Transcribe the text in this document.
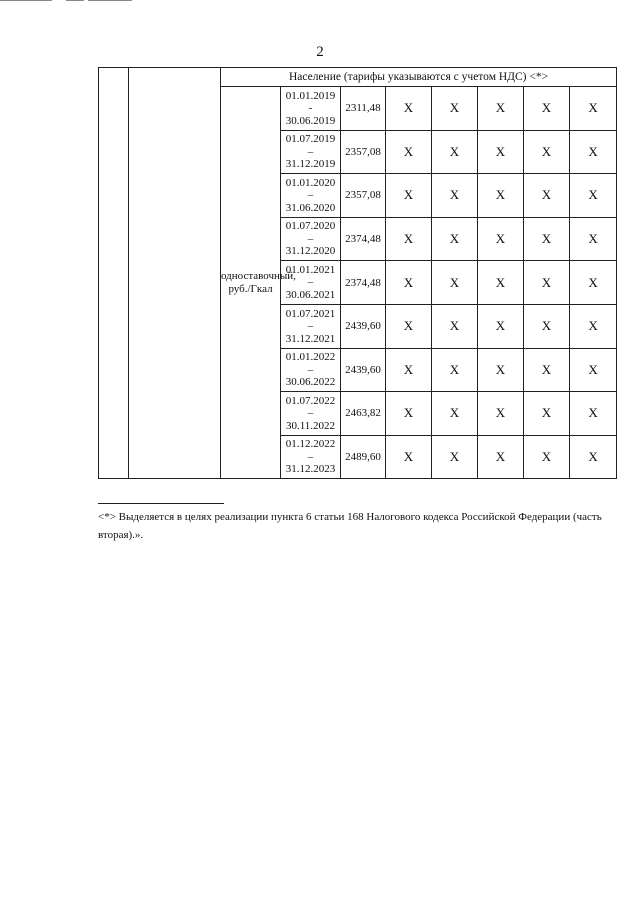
2
		Население (тарифы указываются с учетом НДС) <*>							
		одноставочный, руб./Гкал	01.01.2019
-
30.06.2019	2311,48	X	X	X	X	X

			01.07.2019
–
31.12.2019	2357,08	X	X	X	X	X

			01.01.2020
–
31.06.2020	2357,08	X	X	X	X	X

			01.07.2020
–
31.12.2020	2374,48	X	X	X	X	X

			01.01.2021
–
30.06.2021	2374,48	X	X	X	X	X

			01.07.2021
–
31.12.2021	2439,60	X	X	X	X	X

			01.01.2022
–
30.06.2022	2439,60	X	X	X	X	X

			01.07.2022
–
30.11.2022	2463,82	X	X	X	X	X

			01.12.2022
–
31.12.2023	2489,60	X	X	X	X	X
<*> Выделяется в целях реализации пункта 6 статьи 168 Налогового кодекса Российской Федерации (часть вторая).».
